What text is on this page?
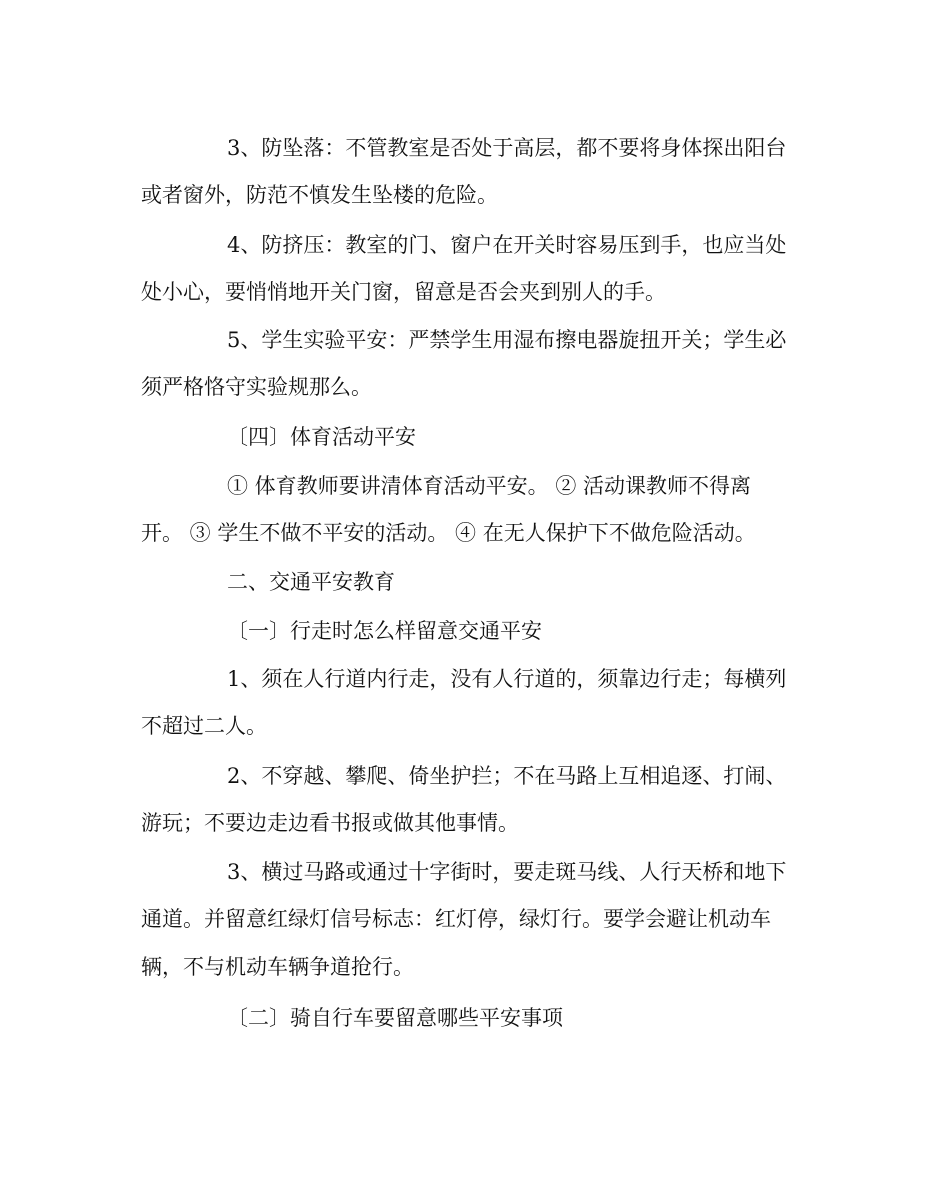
3、防坠落：不管教室是否处于高层，都不要将身体探出阳台
或者窗外，防范不慎发生坠楼的危险。
4、防挤压：教室的门、窗户在开关时容易压到手，也应当处
处小心，要悄悄地开关门窗，留意是否会夹到别人的手。
5、学生实验平安：严禁学生用湿布擦电器旋扭开关；学生必
须严格恪守实验规那么。
〔四〕体育活动平安
① 体育教师要讲清体育活动平安。 ② 活动课教师不得离
开。 ③ 学生不做不平安的活动。 ④ 在无人保护下不做危险活动。
二、交通平安教育
〔一〕行走时怎么样留意交通平安
1、须在人行道内行走，没有人行道的，须靠边行走；每横列
不超过二人。
2、不穿越、攀爬、倚坐护拦；不在马路上互相追逐、打闹、
游玩；不要边走边看书报或做其他事情。
3、横过马路或通过十字街时，要走斑马线、人行天桥和地下
通道。并留意红绿灯信号标志：红灯停，绿灯行。要学会避让机动车
辆，不与机动车辆争道抢行。
〔二〕骑自行车要留意哪些平安事项
